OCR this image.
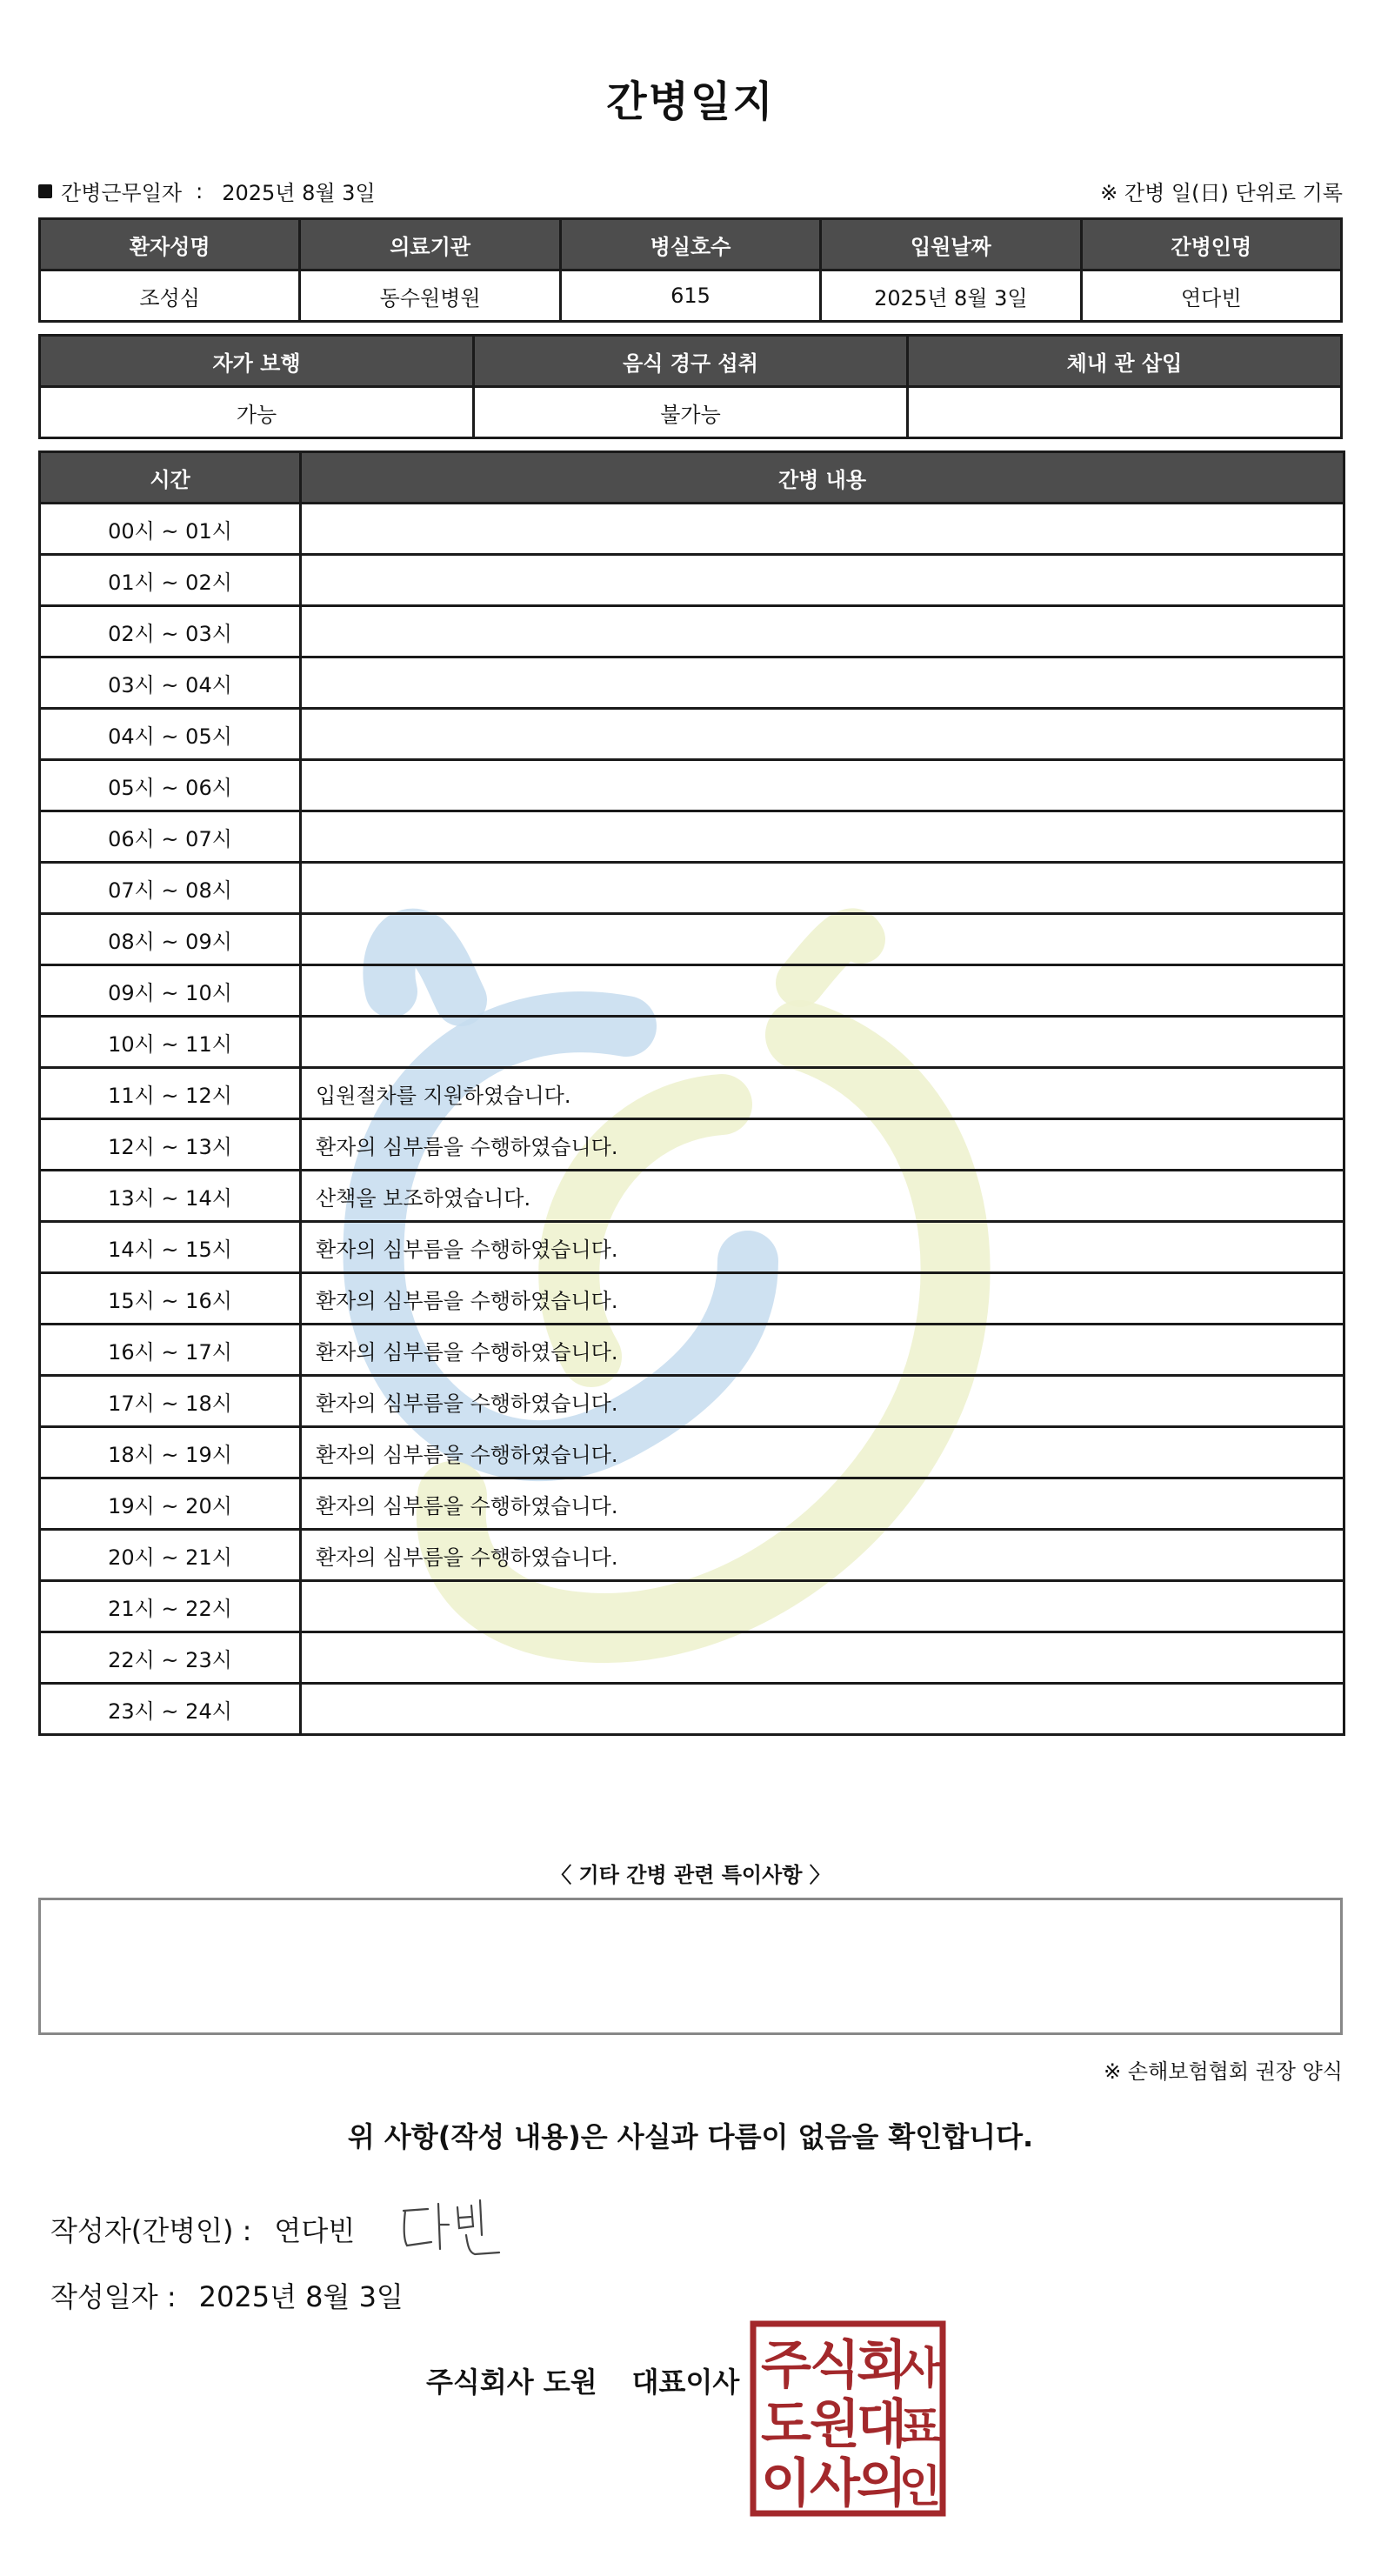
간병일지
간병근무일자 : 2025년 8월 3일	※ 간병 일(日) 단위로 기록
환자성명	의료기관	병실호수	입원날짜	간병인명
조성심	동수원병원	615	2025년 8월 3일	연다빈
자가 보행	음식 경구 섭취	체내 관 삽입
가능	불가능	
시간	간병 내용
00시 ~ 01시	
01시 ~ 02시	
02시 ~ 03시	
03시 ~ 04시	
04시 ~ 05시	
05시 ~ 06시	
06시 ~ 07시	
07시 ~ 08시	
08시 ~ 09시	
09시 ~ 10시	
10시 ~ 11시	
11시 ~ 12시	입원절차를 지원하였습니다.
12시 ~ 13시	환자의 심부름을 수행하였습니다.
13시 ~ 14시	산책을 보조하였습니다.
14시 ~ 15시	환자의 심부름을 수행하였습니다.
15시 ~ 16시	환자의 심부름을 수행하였습니다.
16시 ~ 17시	환자의 심부름을 수행하였습니다.
17시 ~ 18시	환자의 심부름을 수행하였습니다.
18시 ~ 19시	환자의 심부름을 수행하였습니다.
19시 ~ 20시	환자의 심부름을 수행하였습니다.
20시 ~ 21시	환자의 심부름을 수행하였습니다.
21시 ~ 22시	
22시 ~ 23시	
23시 ~ 24시	
〈 기타 간병 관련 특이사항 〉
※ 손해보험협회 권장 양식
위 사항(작성 내용)은 사실과 다름이 없음을 확인합니다.
작성자(간병인) : 연다빈
작성일자 : 2025년 8월 3일
주식회사 도원 대표이사 주
식
회
사
도
원
대
표
이
사
의
인
